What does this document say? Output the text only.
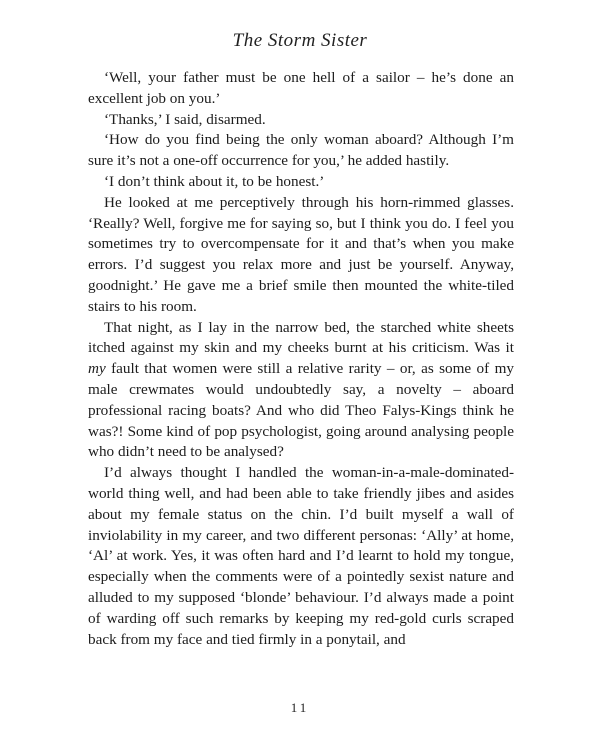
The Storm Sister

‘Well, your father must be one hell of a sailor – he’s done an excellent job on you.’

‘Thanks,’ I said, disarmed.

‘How do you find being the only woman aboard? Although I’m sure it’s not a one-off occurrence for you,’ he added hastily.

‘I don’t think about it, to be honest.’

He looked at me perceptively through his horn-rimmed glasses. ‘Really? Well, forgive me for saying so, but I think you do. I feel you sometimes try to overcompensate for it and that’s when you make errors. I’d suggest you relax more and just be yourself. Anyway, goodnight.’ He gave me a brief smile then mounted the white-tiled stairs to his room.

That night, as I lay in the narrow bed, the starched white sheets itched against my skin and my cheeks burnt at his criticism. Was it my fault that women were still a relative rarity – or, as some of my male crewmates would undoubtedly say, a novelty – aboard professional racing boats? And who did Theo Falys-Kings think he was?! Some kind of pop psychologist, going around analysing people who didn’t need to be analysed?

I’d always thought I handled the woman-in-a-male-dominated-world thing well, and had been able to take friendly jibes and asides about my female status on the chin. I’d built myself a wall of inviolability in my career, and two different personas: ‘Ally’ at home, ‘Al’ at work. Yes, it was often hard and I’d learnt to hold my tongue, especially when the comments were of a pointedly sexist nature and alluded to my supposed ‘blonde’ behaviour. I’d always made a point of warding off such remarks by keeping my red-gold curls scraped back from my face and tied firmly in a ponytail, and

11
